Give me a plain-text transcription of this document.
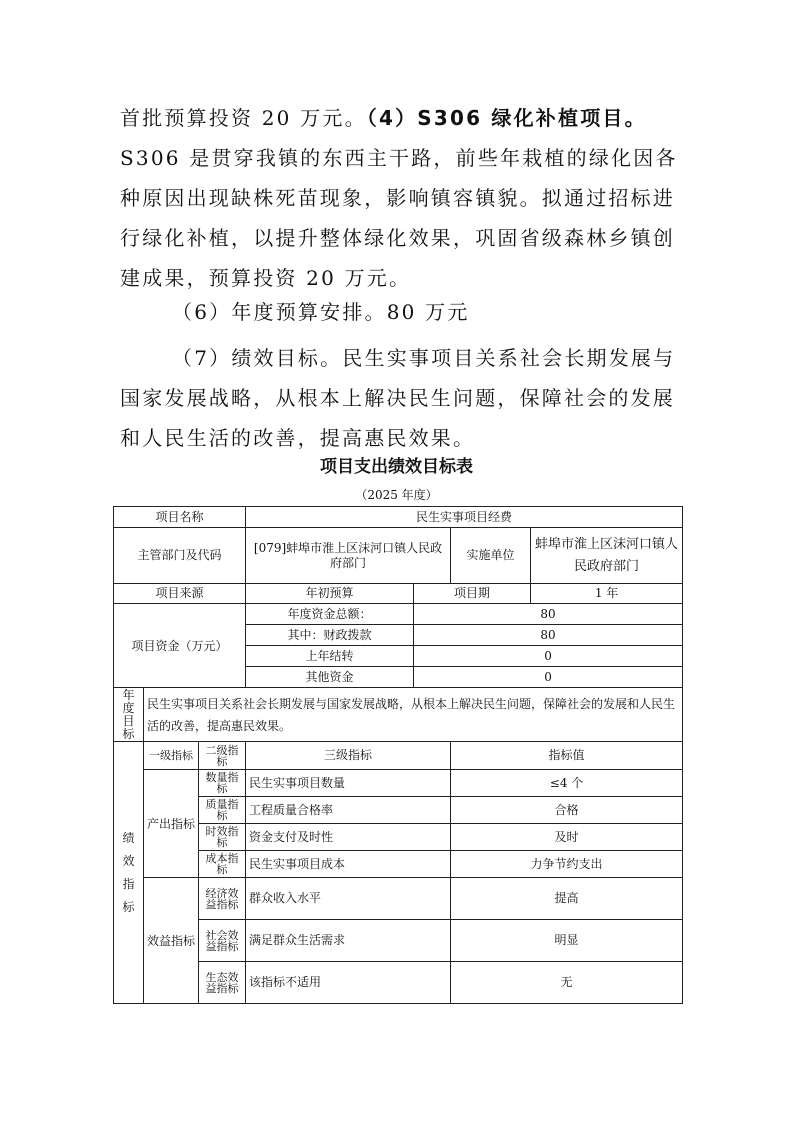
首批预算投资 20 万元。（4）S306 绿化补植项目。S306 是贯穿我镇的东西主干路，前些年栽植的绿化因各种原因出现缺株死苗现象，影响镇容镇貌。拟通过招标进行绿化补植，以提升整体绿化效果，巩固省级森林乡镇创建成果，预算投资 20 万元。

（6）年度预算安排。80 万元

（7）绩效目标。民生实事项目关系社会长期发展与国家发展战略，从根本上解决民生问题，保障社会的发展和人民生活的改善，提高惠民效果。

项目支出绩效目标表
（2025 年度）
项目名称			民生实事项目经费			
主管部门及代码			[079]蚌埠市淮上区沫河口镇人民政府部门		实施单位	蚌埠市淮上区沫河口镇人民政府部门
项目来源			年初预算	项目期		1 年
项目资金（万元）			年度资金总额：	80		
			其中：财政拨款	80		
			上年结转	0		
			其他资金	0		
年度目标	民生实事项目关系社会长期发展与国家发展战略，从根本上解决民生问题，保障社会的发展和人民生活的改善，提高惠民效果。					
绩效指标	一级指标	二级指标	三级指标		指标值	
	产出指标	数量指标	民生实事项目数量		≤4 个	
		质量指标	工程质量合格率		合格	
		时效指标	资金支付及时性		及时	
		成本指标	民生实事项目成本		力争节约支出	
	效益指标	经济效益指标	群众收入水平		提高	
		社会效益指标	满足群众生活需求		明显	
		生态效益指标	该指标不适用		无	
